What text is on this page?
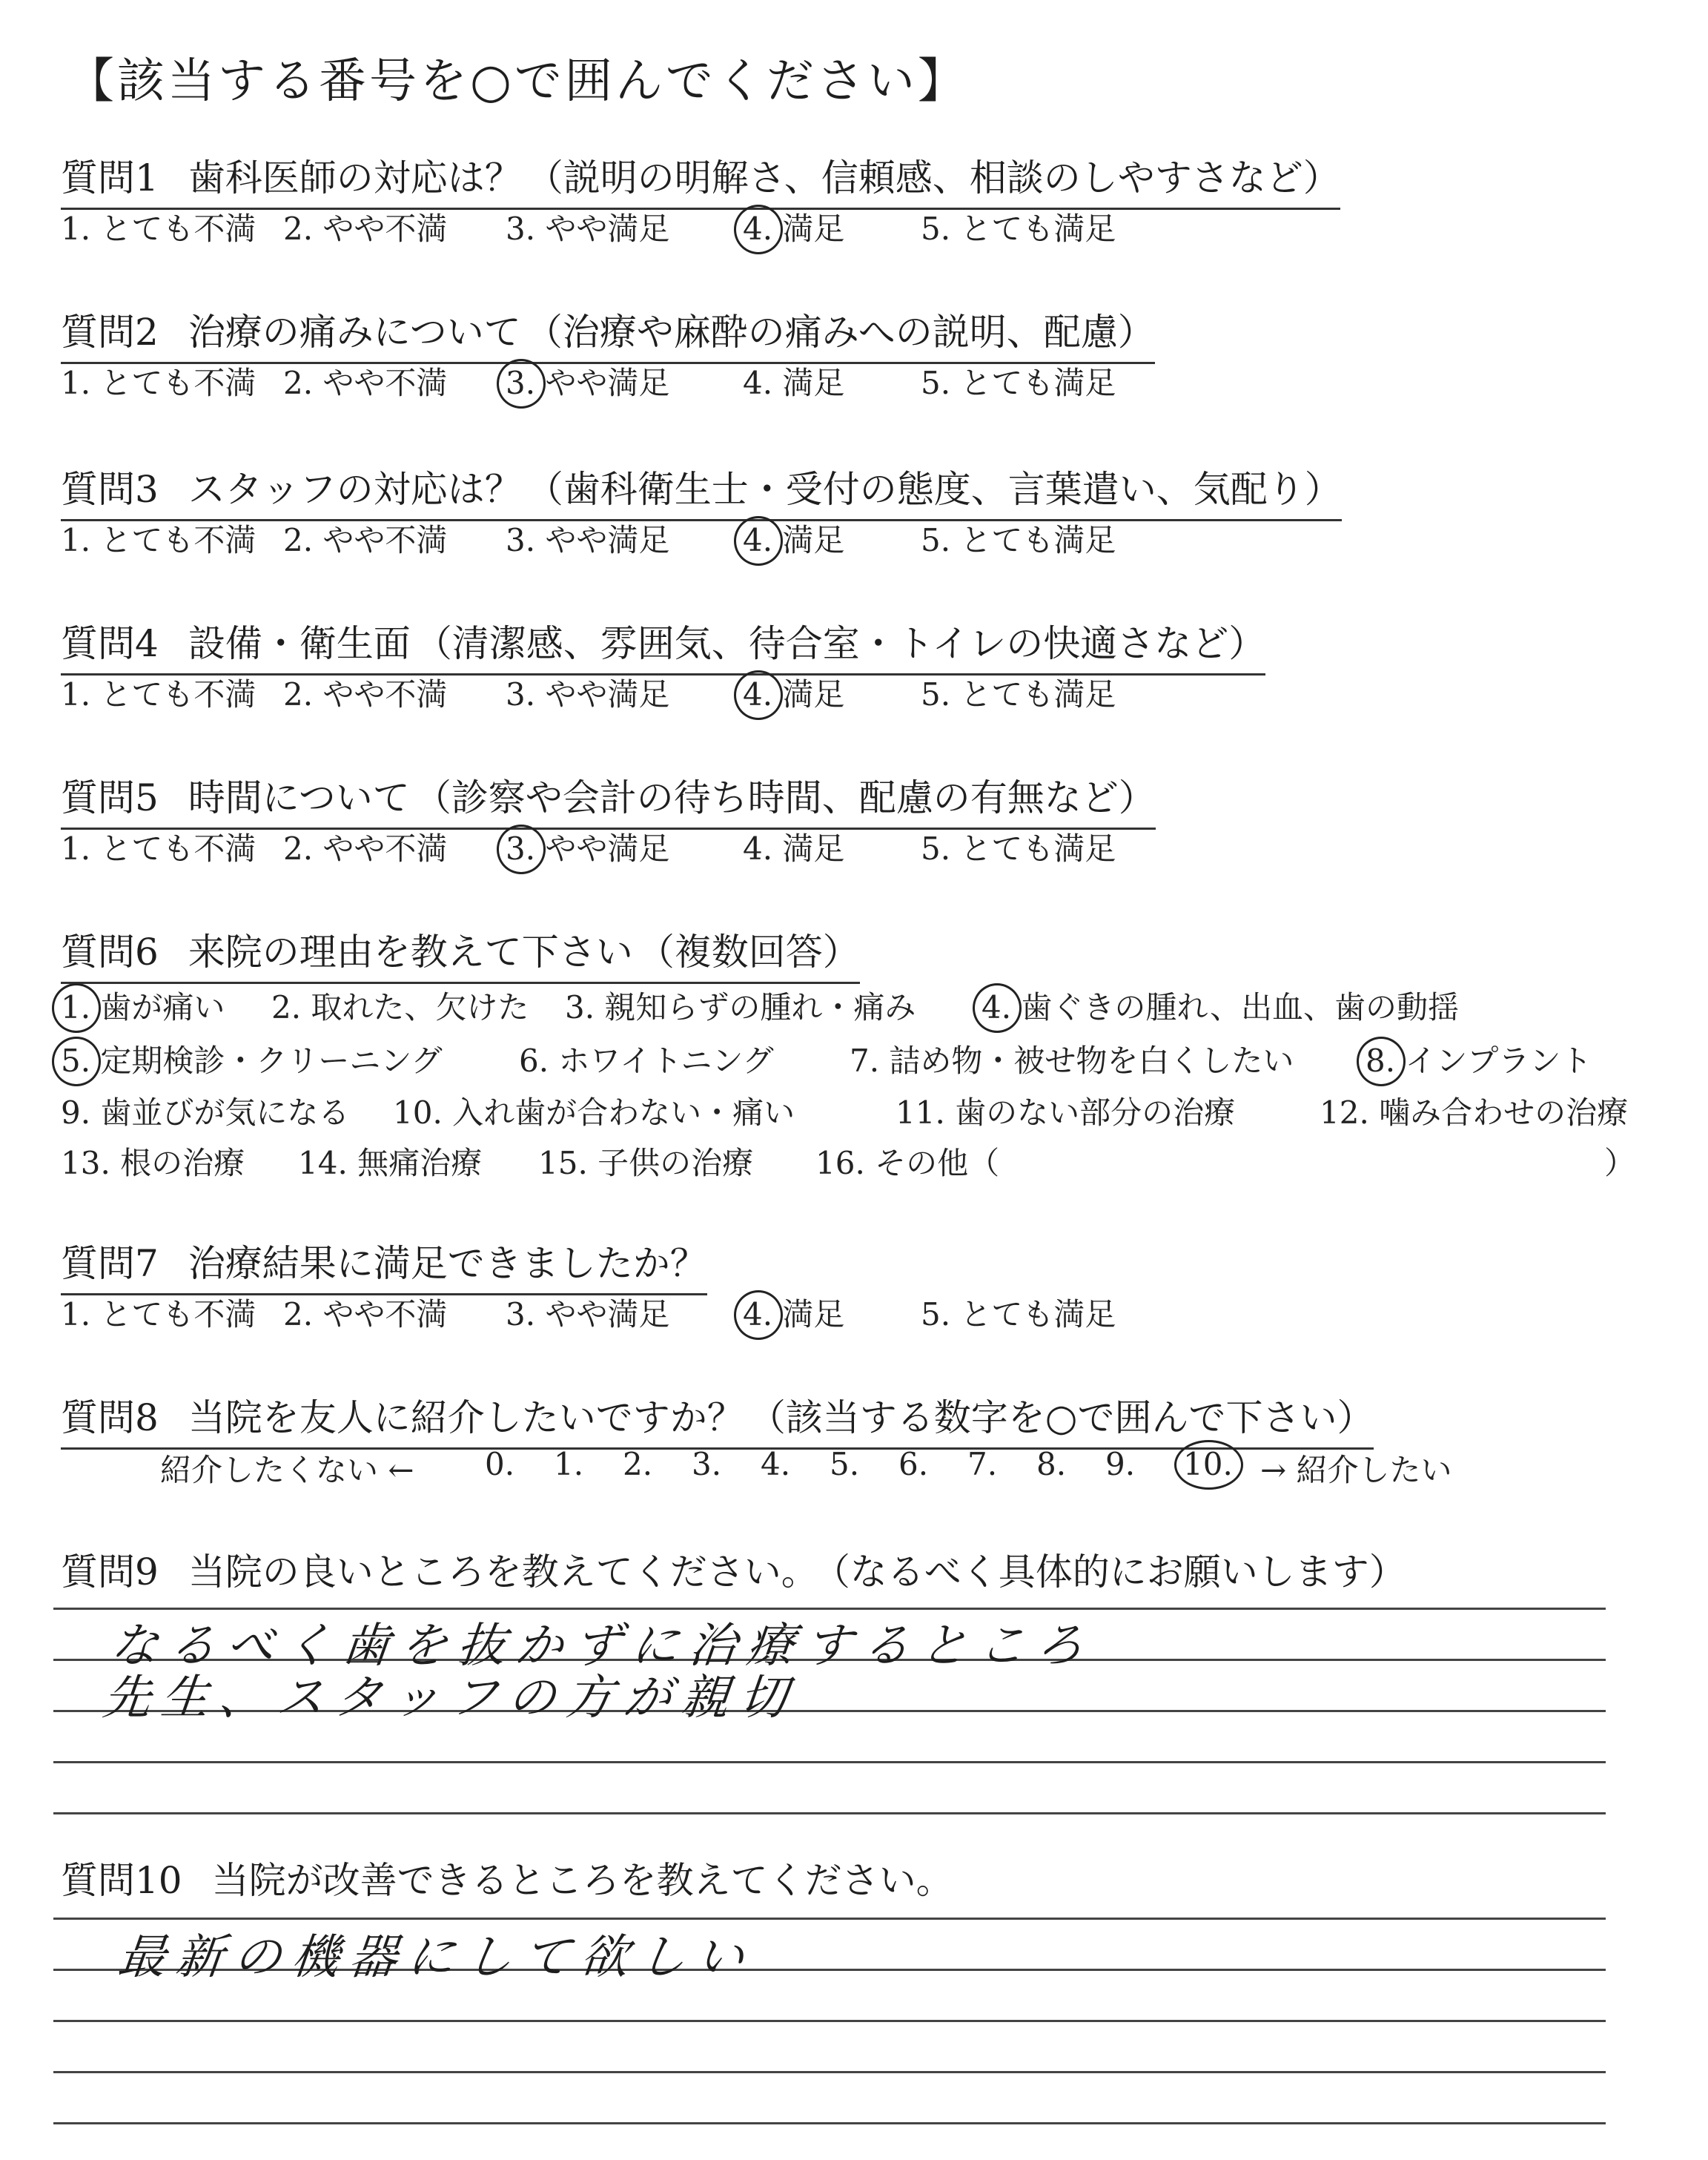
【該当する番号を○で囲んでください】
質問1 歯科医師の対応は？ （説明の明解さ、信頼感、相談のしやすさなど）
1. とても不満 2. やや不満 3. やや満足 4.
満足 5. とても満足
質問2 治療の痛みについて （治療や麻酔の痛みへの説明、配慮）
1. とても不満 2. やや不満 3.
やや満足 4. 満足 5. とても満足
質問3 スタッフの対応は？ （歯科衛生士・受付の態度、言葉遣い、気配り）
1. とても不満 2. やや不満 3. やや満足 4.
満足 5. とても満足
質問4 設備・衛生面 （清潔感、雰囲気、待合室・トイレの快適さなど）
1. とても不満 2. やや不満 3. やや満足 4.
満足 5. とても満足
質問5 時間について （診察や会計の待ち時間、配慮の有無など）
1. とても不満 2. やや不満 3.
やや満足 4. 満足 5. とても満足
質問6 来院の理由を教えて下さい （複数回答）
1.
歯が痛い 2. 取れた、欠けた 3. 親知らずの腫れ・痛み 4.
歯ぐきの腫れ、出血、歯の動揺
5.
定期検診・クリーニング 6. ホワイトニング 7. 詰め物・被せ物を白くしたい 8.
インプラント
9. 歯並びが気になる 10. 入れ歯が合わない・痛い	11. 歯のない部分の治療	12. 噛み合わせの治療
13. 根の治療 14. 無痛治療 15. 子供の治療 16. その他（	）
質問7 治療結果に満足できましたか？
1. とても不満 2. やや不満 3. やや満足 4.
満足 5. とても満足
質問8 当院を友人に紹介したいですか？ （該当する数字を○で囲んで下さい）
紹介したくない ← 0. 1. 2. 3. 4. 5. 6. 7. 8. 9. 10. → 紹介したい
質問9 当院の良いところを教えてください。 （なるべく具体的にお願いします）
なるべく歯を抜かずに治療するところ
先生、スタッフの方が親切
質問10 当院が改善できるところを教えてください。
最新の機器にして欲しい
